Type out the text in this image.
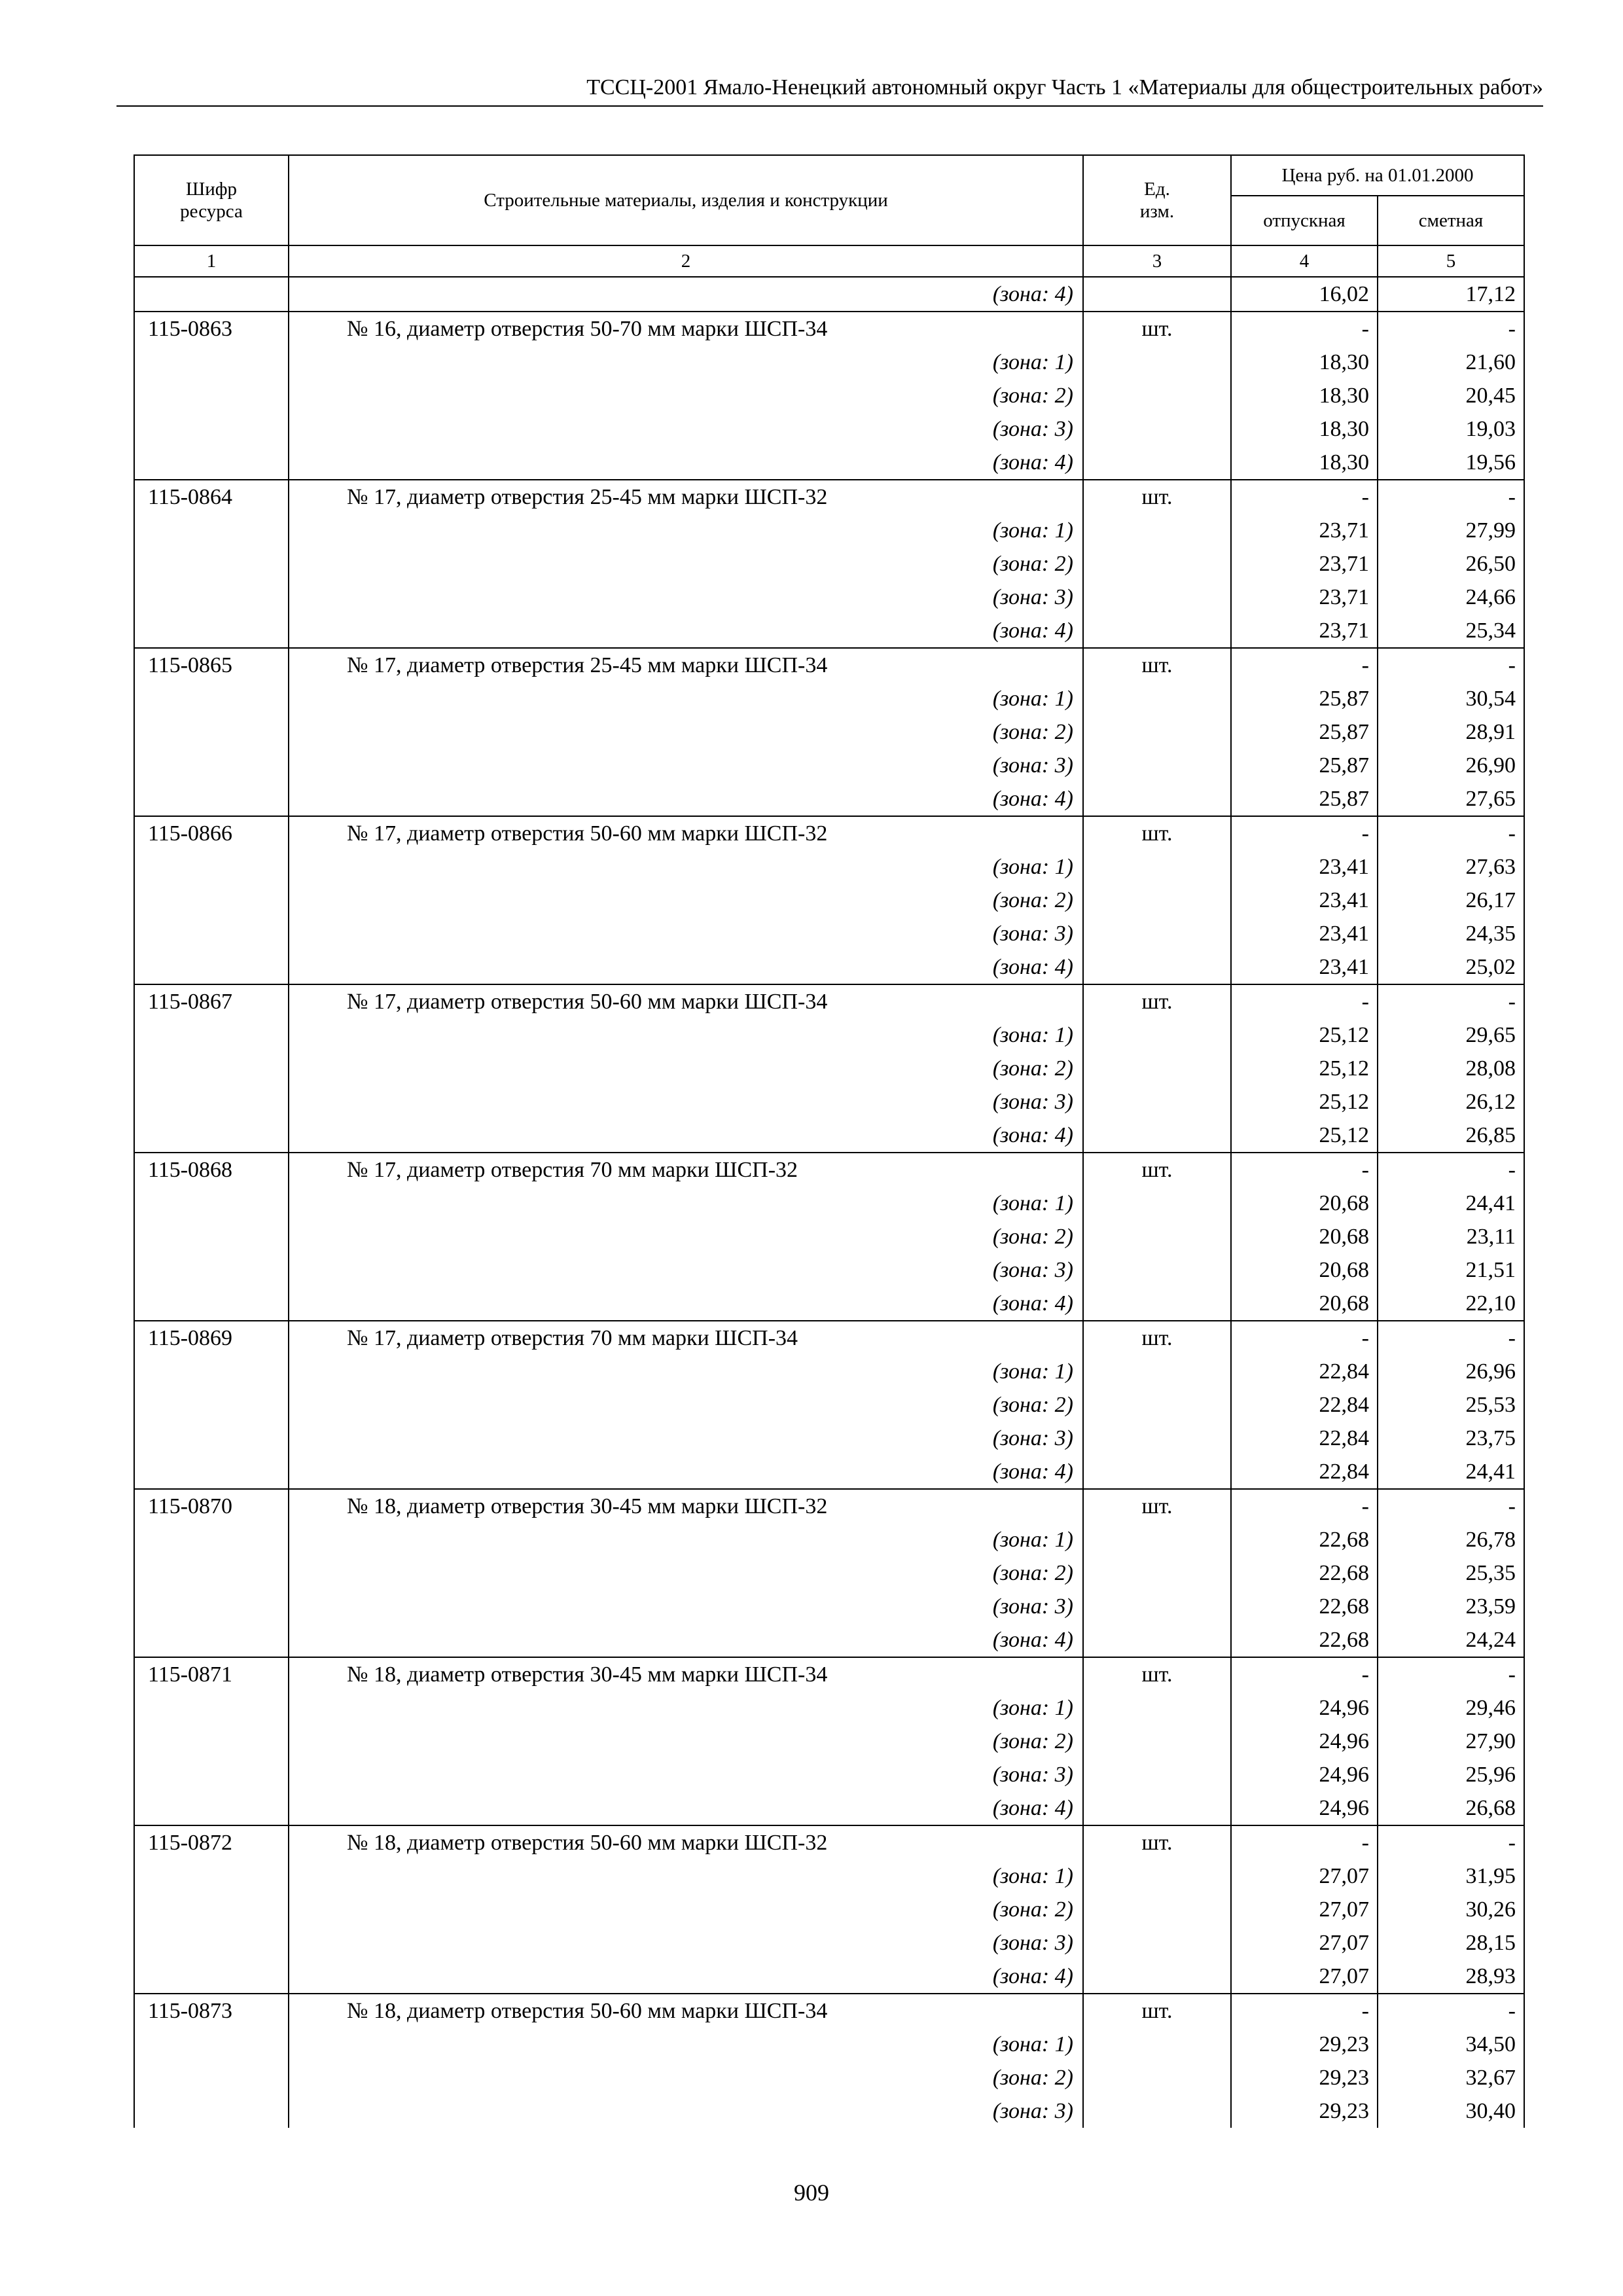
ТССЦ-2001 Ямало-Ненецкий автономный округ Часть 1 «Материалы для общестроительных работ»
Шифр
ресурса	Строительные материалы, изделия и конструкции	Ед.
изм.	Цена руб. на 01.01.2000	
			отпускная	сметная
1	2	3	4	5
	(зона: 4)		16,02	17,12
115-0863	№ 16, диаметр отверстия 50-70 мм марки ШСП-34	шт.	-	-
	(зона: 1)		18,30	21,60
	(зона: 2)		18,30	20,45
	(зона: 3)		18,30	19,03
	(зона: 4)		18,30	19,56
115-0864	№ 17, диаметр отверстия 25-45 мм марки ШСП-32	шт.	-	-
	(зона: 1)		23,71	27,99
	(зона: 2)		23,71	26,50
	(зона: 3)		23,71	24,66
	(зона: 4)		23,71	25,34
115-0865	№ 17, диаметр отверстия 25-45 мм марки ШСП-34	шт.	-	-
	(зона: 1)		25,87	30,54
	(зона: 2)		25,87	28,91
	(зона: 3)		25,87	26,90
	(зона: 4)		25,87	27,65
115-0866	№ 17, диаметр отверстия 50-60 мм марки ШСП-32	шт.	-	-
	(зона: 1)		23,41	27,63
	(зона: 2)		23,41	26,17
	(зона: 3)		23,41	24,35
	(зона: 4)		23,41	25,02
115-0867	№ 17, диаметр отверстия 50-60 мм марки ШСП-34	шт.	-	-
	(зона: 1)		25,12	29,65
	(зона: 2)		25,12	28,08
	(зона: 3)		25,12	26,12
	(зона: 4)		25,12	26,85
115-0868	№ 17, диаметр отверстия 70 мм марки ШСП-32	шт.	-	-
	(зона: 1)		20,68	24,41
	(зона: 2)		20,68	23,11
	(зона: 3)		20,68	21,51
	(зона: 4)		20,68	22,10
115-0869	№ 17, диаметр отверстия 70 мм марки ШСП-34	шт.	-	-
	(зона: 1)		22,84	26,96
	(зона: 2)		22,84	25,53
	(зона: 3)		22,84	23,75
	(зона: 4)		22,84	24,41
115-0870	№ 18, диаметр отверстия 30-45 мм марки ШСП-32	шт.	-	-
	(зона: 1)		22,68	26,78
	(зона: 2)		22,68	25,35
	(зона: 3)		22,68	23,59
	(зона: 4)		22,68	24,24
115-0871	№ 18, диаметр отверстия 30-45 мм марки ШСП-34	шт.	-	-
	(зона: 1)		24,96	29,46
	(зона: 2)		24,96	27,90
	(зона: 3)		24,96	25,96
	(зона: 4)		24,96	26,68
115-0872	№ 18, диаметр отверстия 50-60 мм марки ШСП-32	шт.	-	-
	(зона: 1)		27,07	31,95
	(зона: 2)		27,07	30,26
	(зона: 3)		27,07	28,15
	(зона: 4)		27,07	28,93
115-0873	№ 18, диаметр отверстия 50-60 мм марки ШСП-34	шт.	-	-
	(зона: 1)		29,23	34,50
	(зона: 2)		29,23	32,67
	(зона: 3)		29,23	30,40
909
